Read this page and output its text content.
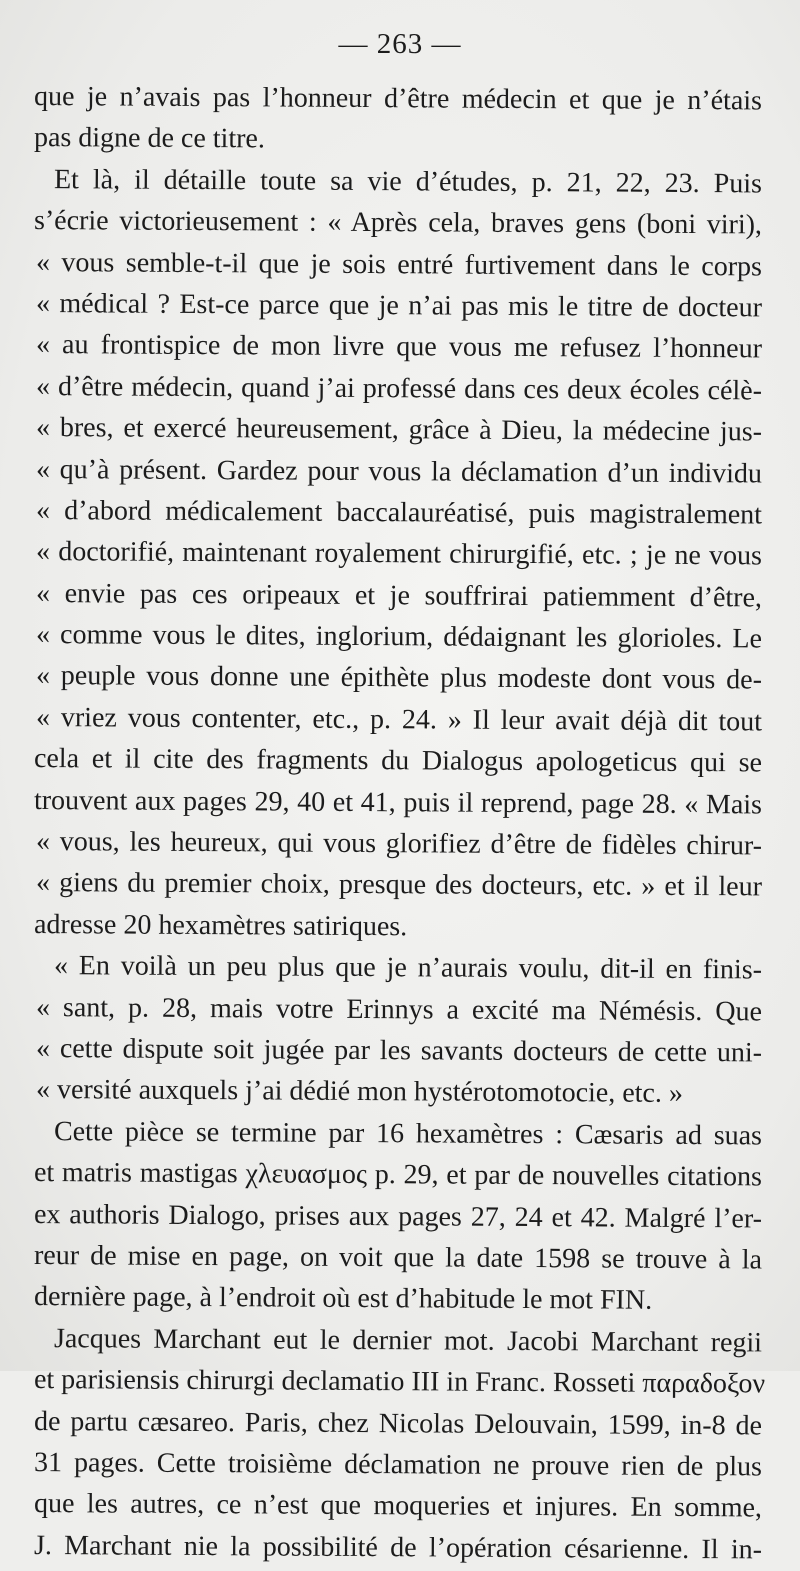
— 263 —
que je n’avais pas l’honneur d’être médecin et que je n’étais
pas digne de ce titre.
Et là, il détaille toute sa vie d’études, p. 21, 22, 23. Puis
s’écrie victorieusement : « Après cela, braves gens (boni viri),
« vous semble-t-il que je sois entré furtivement dans le corps
« médical ? Est-ce parce que je n’ai pas mis le titre de docteur
« au frontispice de mon livre que vous me refusez l’honneur
« d’être médecin, quand j’ai professé dans ces deux écoles célè-
« bres, et exercé heureusement, grâce à Dieu, la médecine jus-
« qu’à présent. Gardez pour vous la déclamation d’un individu
« d’abord médicalement baccalauréatisé, puis magistralement
« doctorifié, maintenant royalement chirurgifié, etc. ; je ne vous
« envie pas ces oripeaux et je souffrirai patiemment d’être,
« comme vous le dites, inglorium, dédaignant les glorioles. Le
« peuple vous donne une épithète plus modeste dont vous de-
« vriez vous contenter, etc., p. 24. » Il leur avait déjà dit tout
cela et il cite des fragments du Dialogus apologeticus qui se
trouvent aux pages 29, 40 et 41, puis il reprend, page 28. « Mais
« vous, les heureux, qui vous glorifiez d’être de fidèles chirur-
« giens du premier choix, presque des docteurs, etc. » et il leur
adresse 20 hexamètres satiriques.
« En voilà un peu plus que je n’aurais voulu, dit-il en finis-
« sant, p. 28, mais votre Erinnys a excité ma Némésis. Que
« cette dispute soit jugée par les savants docteurs de cette uni-
« versité auxquels j’ai dédié mon hystérotomotocie, etc. »
Cette pièce se termine par 16 hexamètres : Cæsaris ad suas
et matris mastigas χλευασμος p. 29, et par de nouvelles citations
ex authoris Dialogo, prises aux pages 27, 24 et 42. Malgré l’er-
reur de mise en page, on voit que la date 1598 se trouve à la
dernière page, à l’endroit où est d’habitude le mot FIN.
Jacques Marchant eut le dernier mot. Jacobi Marchant regii
et parisiensis chirurgi declamatio III in Franc. Rosseti παραδοξον
de partu cæsareo. Paris, chez Nicolas Delouvain, 1599, in-8 de
31 pages. Cette troisième déclamation ne prouve rien de plus
que les autres, ce n’est que moqueries et injures. En somme,
J. Marchant nie la possibilité de l’opération césarienne. Il in-
